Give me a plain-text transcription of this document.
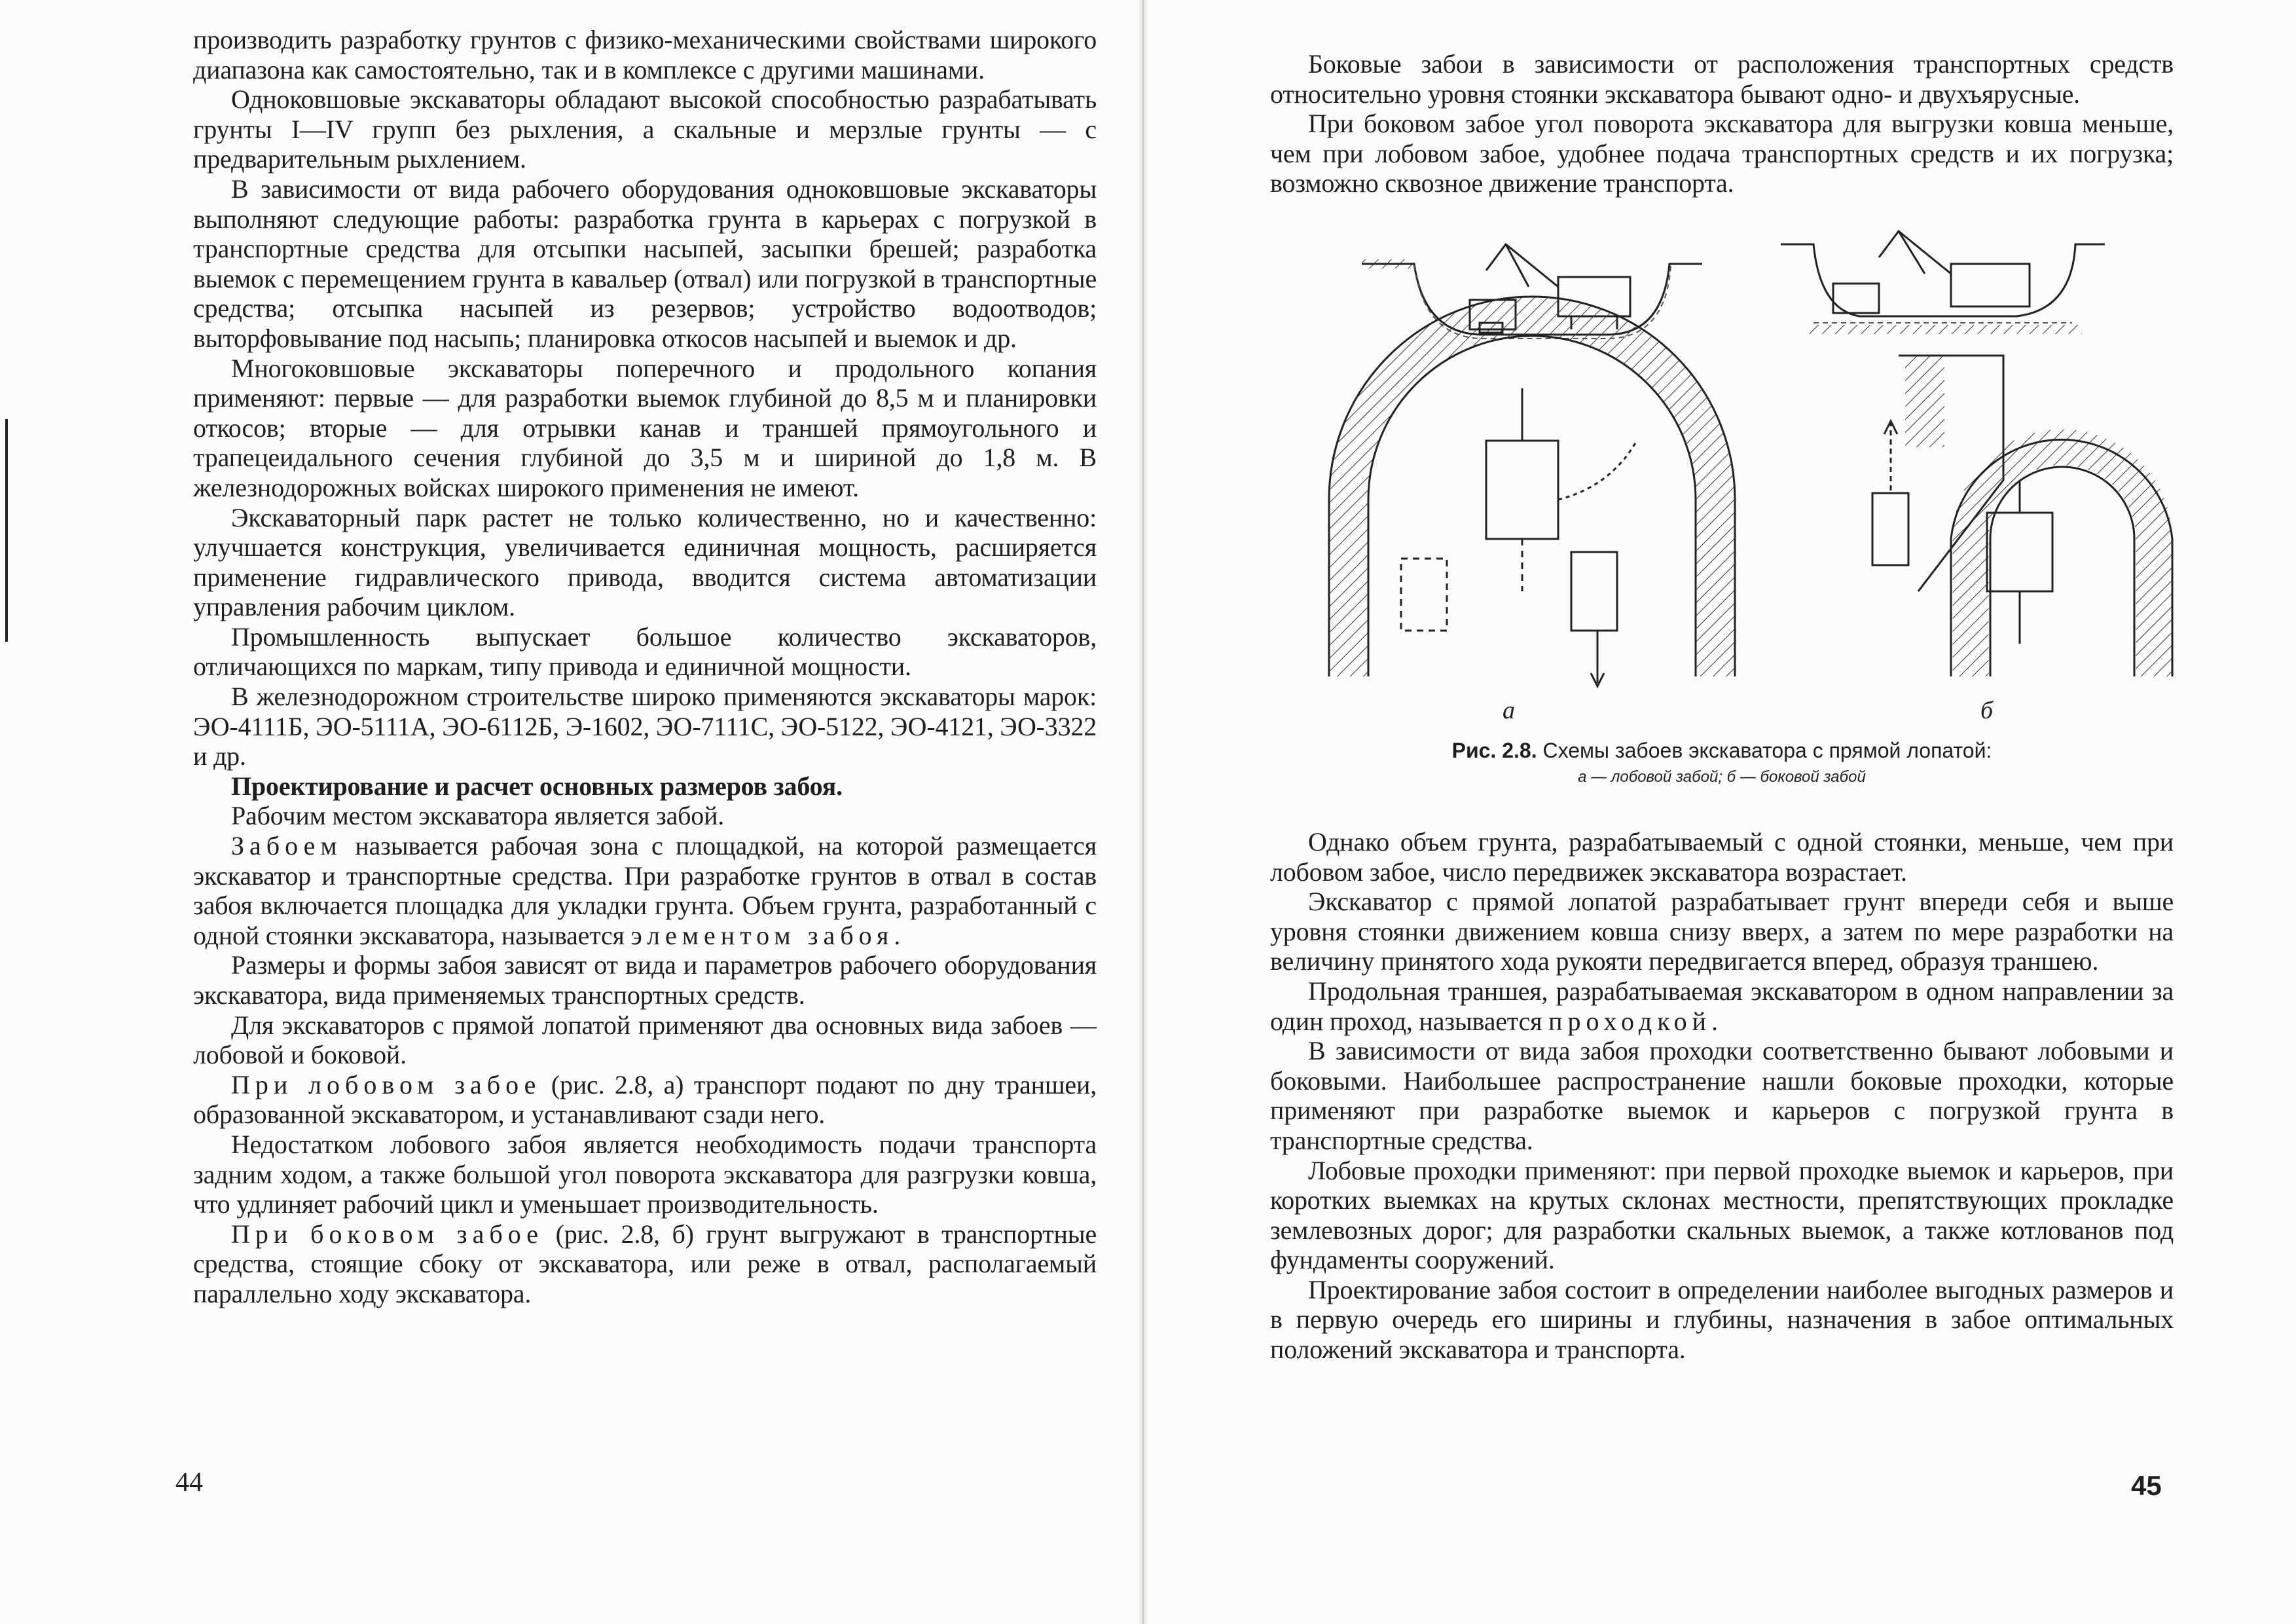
производить разработку грунтов с физико-механическими свойствами широкого диапазона как самостоятельно, так и в комплексе с другими машинами.

Одноковшовые экскаваторы обладают высокой способностью разрабатывать грунты I—IV групп без рыхления, а скальные и мерзлые грунты — с предварительным рыхлением.

В зависимости от вида рабочего оборудования одноковшовые экскаваторы выполняют следующие работы: разработка грунта в карьерах с погрузкой в транспортные средства для отсыпки насыпей, засыпки брешей; разработка выемок с перемещением грунта в кавальер (отвал) или погрузкой в транспортные средства; отсыпка насыпей из резервов; устройство водоотводов; выторфовывание под насыпь; планировка откосов насыпей и выемок и др.

Многоковшовые экскаваторы поперечного и продольного копания применяют: первые — для разработки выемок глубиной до 8,5 м и планировки откосов; вторые — для отрывки канав и траншей прямоугольного и трапецеидального сечения глубиной до 3,5 м и шириной до 1,8 м. В железнодорожных войсках широкого применения не имеют.

Экскаваторный парк растет не только количественно, но и качественно: улучшается конструкция, увеличивается единичная мощность, расширяется применение гидравлического привода, вводится система автоматизации управления рабочим циклом.

Промышленность выпускает большое количество экскаваторов, отличающихся по маркам, типу привода и единичной мощности.

В железнодорожном строительстве широко применяются экскаваторы марок: ЭО-4111Б, ЭО-5111А, ЭО-6112Б, Э-1602, ЭО-7111С, ЭО-5122, ЭО-4121, ЭО-3322 и др.

Проектирование и расчет основных размеров забоя.

Рабочим местом экскаватора является забой.

Забоем называется рабочая зона с площадкой, на которой размещается экскаватор и транспортные средства. При разработке грунтов в отвал в состав забоя включается площадка для укладки грунта. Объем грунта, разработанный с одной стоянки экскаватора, называется элементом забоя.

Размеры и формы забоя зависят от вида и параметров рабочего оборудования экскаватора, вида применяемых транспортных средств.

Для экскаваторов с прямой лопатой применяют два основных вида забоев — лобовой и боковой.

При лобовом забое (рис. 2.8, а) транспорт подают по дну траншеи, образованной экскаватором, и устанавливают сзади него.

Недостатком лобового забоя является необходимость подачи транспорта задним ходом, а также большой угол поворота экскаватора для разгрузки ковша, что удлиняет рабочий цикл и уменьшает производительность.

При боковом забое (рис. 2.8, б) грунт выгружают в транспортные средства, стоящие сбоку от экскаватора, или реже в отвал, располагаемый параллельно ходу экскаватора.

44

Боковые забои в зависимости от расположения транспортных средств относительно уровня стоянки экскаватора бывают одно- и двухъярусные.

При боковом забое угол поворота экскаватора для выгрузки ковша меньше, чем при лобовом забое, удобнее подача транспортных средств и их погрузка; возможно сквозное движение транспорта.

а	б
Рис. 2.8. Схемы забоев экскаватора с прямой лопатой:
а — лобовой забой; б — боковой забой

Однако объем грунта, разрабатываемый с одной стоянки, меньше, чем при лобовом забое, число передвижек экскаватора возрастает.

Экскаватор с прямой лопатой разрабатывает грунт впереди себя и выше уровня стоянки движением ковша снизу вверх, а затем по мере разработки на величину принятого хода рукояти передвигается вперед, образуя траншею.

Продольная траншея, разрабатываемая экскаватором в одном направлении за один проход, называется проходкой.

В зависимости от вида забоя проходки соответственно бывают лобовыми и боковыми. Наибольшее распространение нашли боковые проходки, которые применяют при разработке выемок и карьеров с погрузкой грунта в транспортные средства.

Лобовые проходки применяют: при первой проходке выемок и карьеров, при коротких выемках на крутых склонах местности, препятствующих прокладке землевозных дорог; для разработки скальных выемок, а также котлованов под фундаменты сооружений.

Проектирование забоя состоит в определении наиболее выгодных размеров и в первую очередь его ширины и глубины, назначения в забое оптимальных положений экскаватора и транспорта.

45
